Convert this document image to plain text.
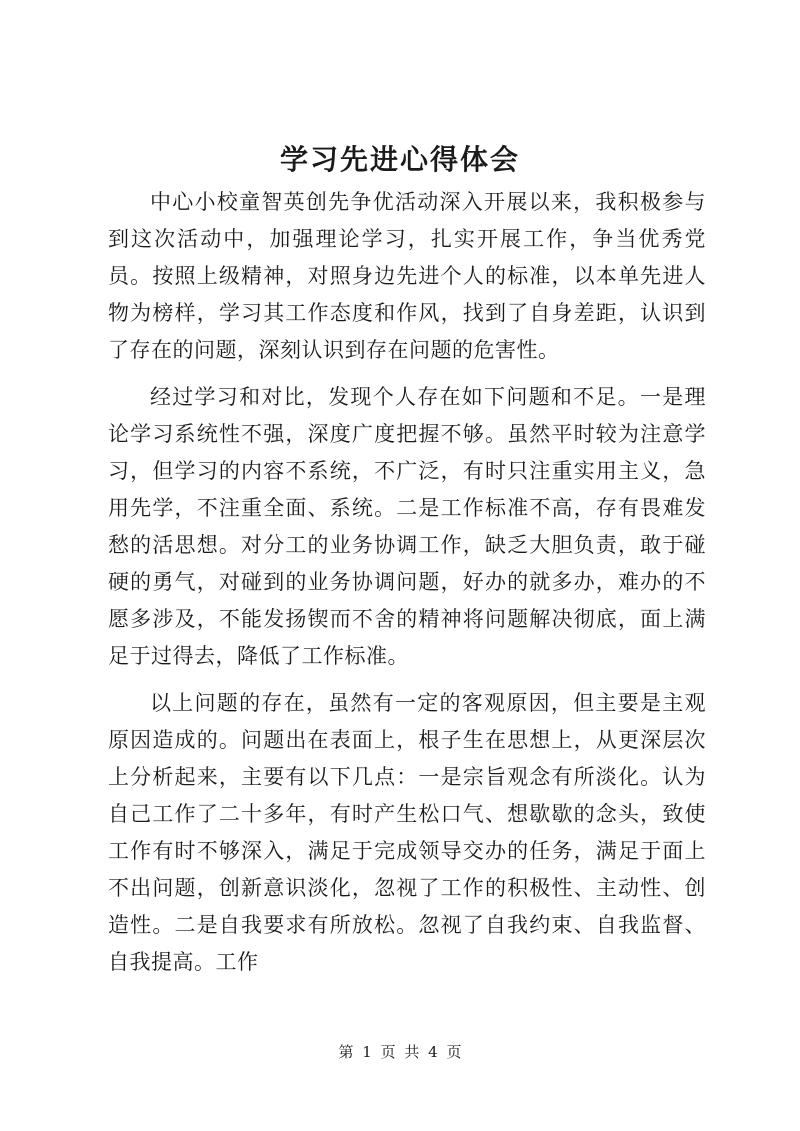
学习先进心得体会

中心小校童智英创先争优活动深入开展以来，我积极参与到这次活动中，加强理论学习，扎实开展工作，争当优秀党员。按照上级精神，对照身边先进个人的标准，以本单先进人物为榜样，学习其工作态度和作风，找到了自身差距，认识到了存在的问题，深刻认识到存在问题的危害性。

经过学习和对比，发现个人存在如下问题和不足。一是理论学习系统性不强，深度广度把握不够。虽然平时较为注意学习，但学习的内容不系统，不广泛，有时只注重实用主义，急用先学，不注重全面、系统。二是工作标准不高，存有畏难发愁的活思想。对分工的业务协调工作，缺乏大胆负责，敢于碰硬的勇气，对碰到的业务协调问题，好办的就多办，难办的不愿多涉及，不能发扬锲而不舍的精神将问题解决彻底，面上满足于过得去，降低了工作标准。

以上问题的存在，虽然有一定的客观原因，但主要是主观原因造成的。问题出在表面上，根子生在思想上，从更深层次上分析起来，主要有以下几点：一是宗旨观念有所淡化。认为自己工作了二十多年，有时产生松口气、想歇歇的念头，致使工作有时不够深入，满足于完成领导交办的任务，满足于面上不出问题，创新意识淡化，忽视了工作的积极性、主动性、创造性。二是自我要求有所放松。忽视了自我约束、自我监督、自我提高。工作

第 1 页 共 4 页
